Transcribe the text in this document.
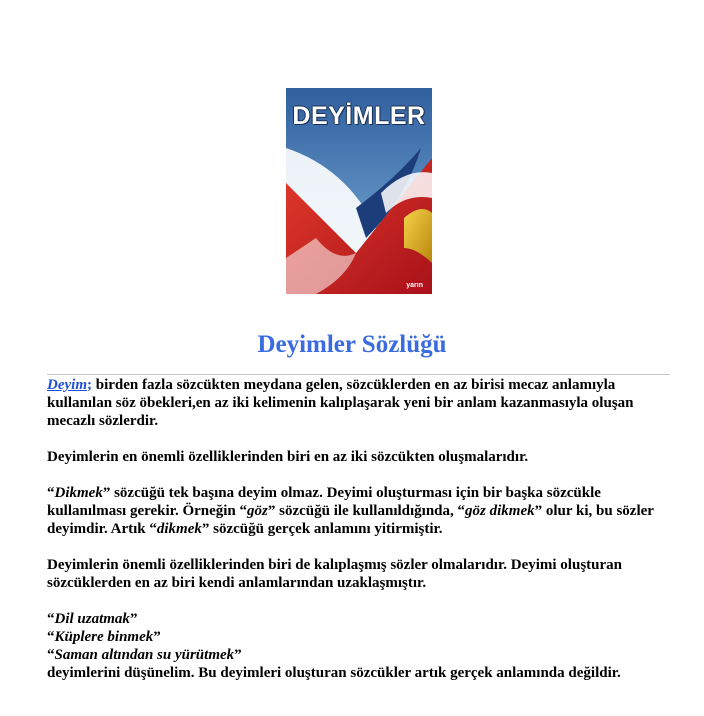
DEYİMLER
yarın
Deyimler Sözlüğü

Deyim; birden fazla sözcükten meydana gelen, sözcüklerden en az birisi mecaz anlamıyla kullanılan söz öbekleri,en az iki kelimenin kalıplaşarak yeni bir anlam kazanmasıyla oluşan mecazlı sözlerdir.

Deyimlerin en önemli özelliklerinden biri en az iki sözcükten oluşmalarıdır.

“Dikmek” sözcüğü tek başına deyim olmaz. Deyimi oluşturması için bir başka sözcükle kullanılması gerekir. Örneğin “göz” sözcüğü ile kullanıldığında, “göz dikmek” olur ki, bu sözler deyimdir. Artık “dikmek” sözcüğü gerçek anlamını yitirmiştir.

Deyimlerin önemli özelliklerinden biri de kalıplaşmış sözler olmalarıdır. Deyimi oluşturan sözcüklerden en az biri kendi anlamlarından uzaklaşmıştır.

“Dil uzatmak”

“Küplere binmek”

“Saman altından su yürütmek”

deyimlerini düşünelim. Bu deyimleri oluşturan sözcükler artık gerçek anlamında değildir.
